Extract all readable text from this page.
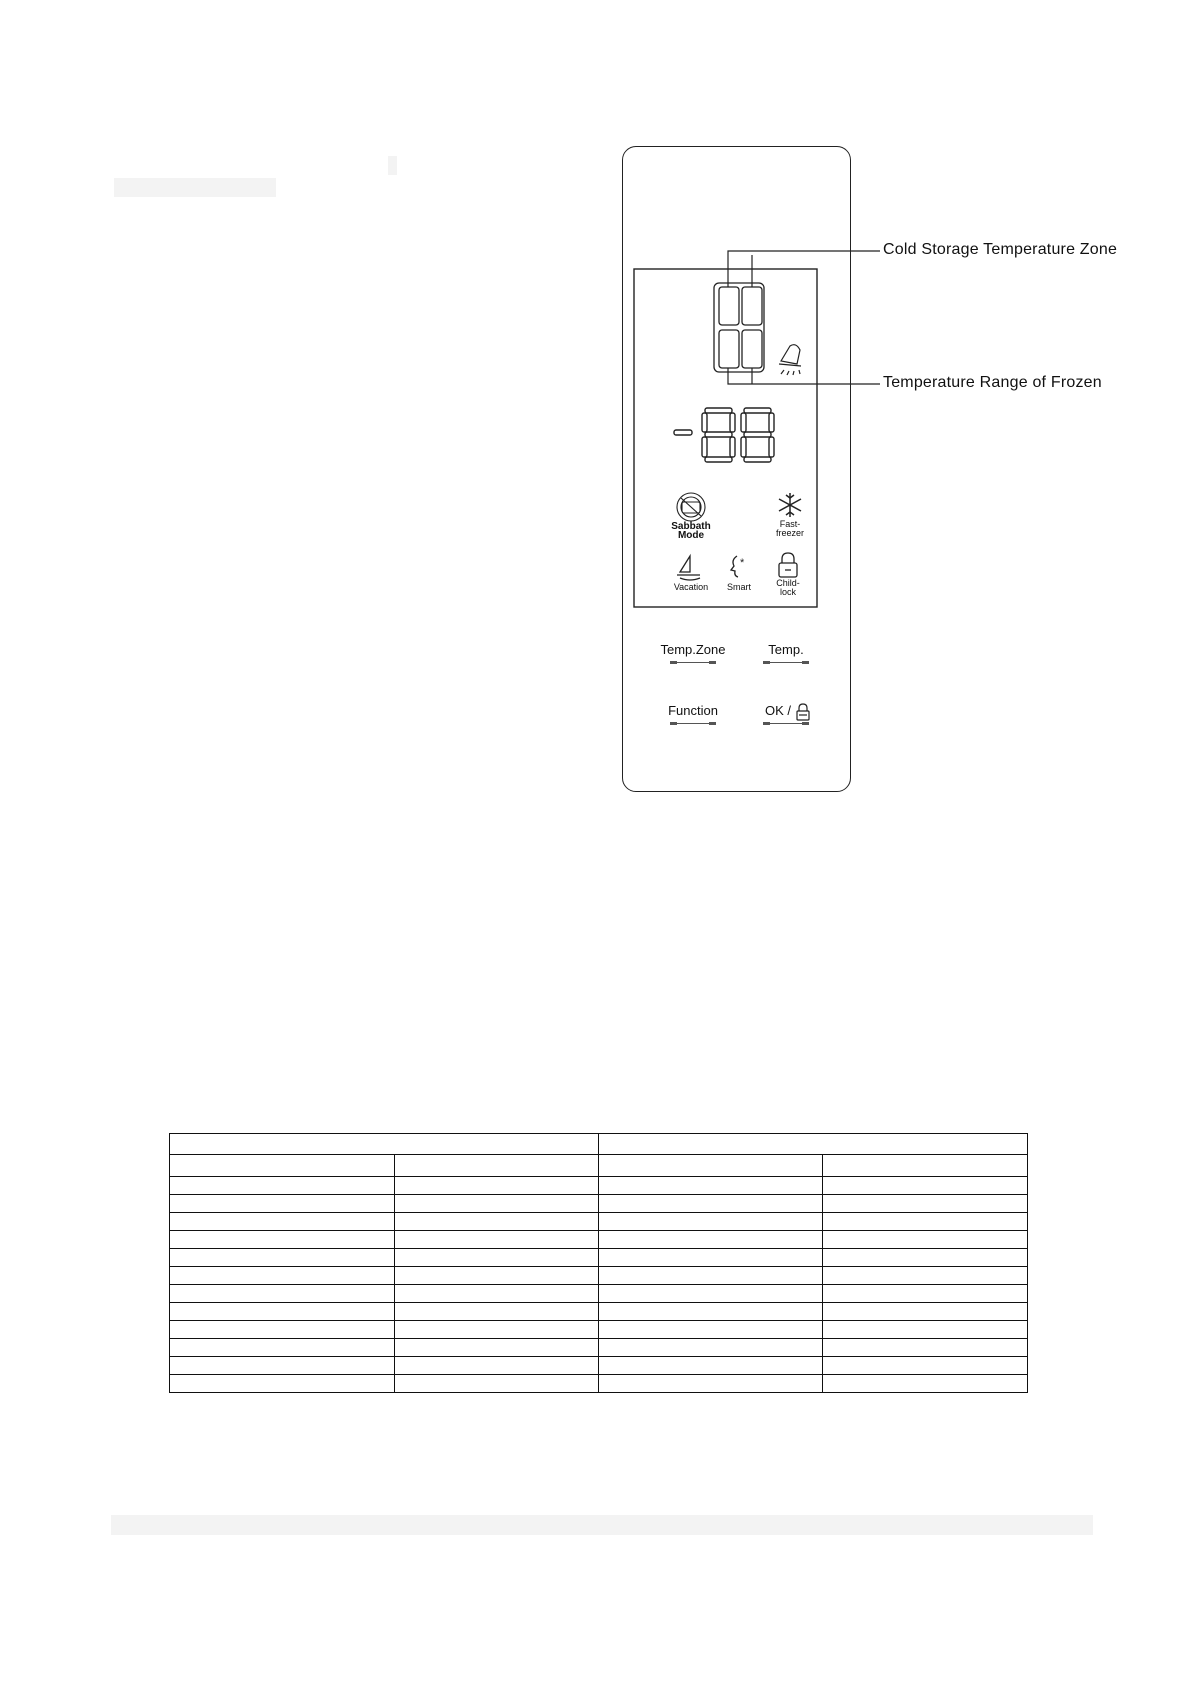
*
Cold Storage Temperature Zone
Temperature Range of Frozen
Sabbath Mode
Fast-
freezer
Vacation	Smart	Child-
lock
Temp.Zone	Temp.
Function	OK /
